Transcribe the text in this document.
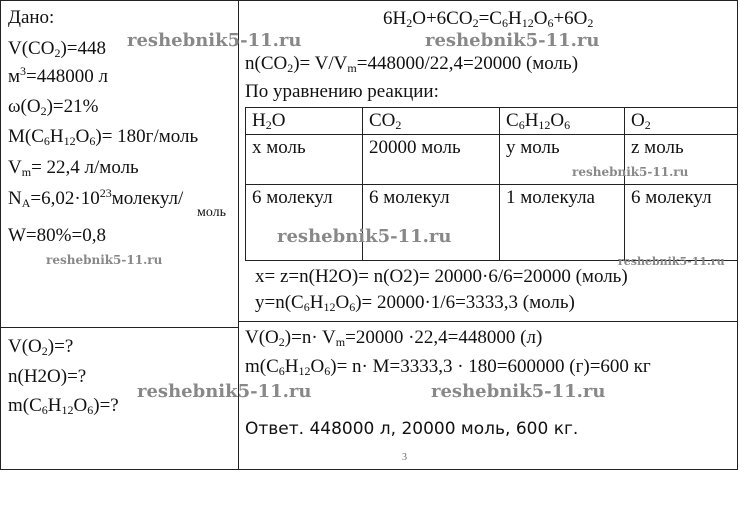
Дано:
$V(CO_2)=448$
$м^3=448000$ л
$\omega(O_2)=21\%$
$M(C_6H_{12}O_6)=$ 180г/моль
$V_m= 22,4$ л/моль
$N_A=6,02\cdot 10^{23}молекул/$
моль
W=80%=0,8
$V(O_2)=$?
n(H2O)=?
$m(C_6H_{12}O_6)=$?
$6H_2O+6CO_2=C_6H_{12}O_6+6O_2$
$n(CO_2)= V/V_m=448000/22,4=20000$ (моль)
По уравнению реакции:
$H_2O$	$CO_2$	$C_6H_{12}O_6$	$O_2$
x моль	20000 моль	у моль	z моль
6 молекул	6 молекул	1 молекула	6 молекул
x= z=n(H2O)= n(O2)= 20000·6/6=20000 (моль)
$y=n(C_6H_{12}O_6)= 20000\cdot 1/6=3333,3$ (моль)
$V(O_2)=n\cdot V_m=20000 \cdot 22,4=448000$ (л)
$m(C_6H_{12}O_6)= n\cdot M=3333,3 \cdot 180=600000$ (г)=600 кг
Ответ. 448000 л, 20000 моль, 600 кг.
3
reshebnik5-11.ru	reshebnik5-11.ru
reshebnik5-11.ru
reshebnik5-11.ru
reshebnik5-11.ru	reshebnik5-11.ru
reshebnik5-11.ru	reshebnik5-11.ru
